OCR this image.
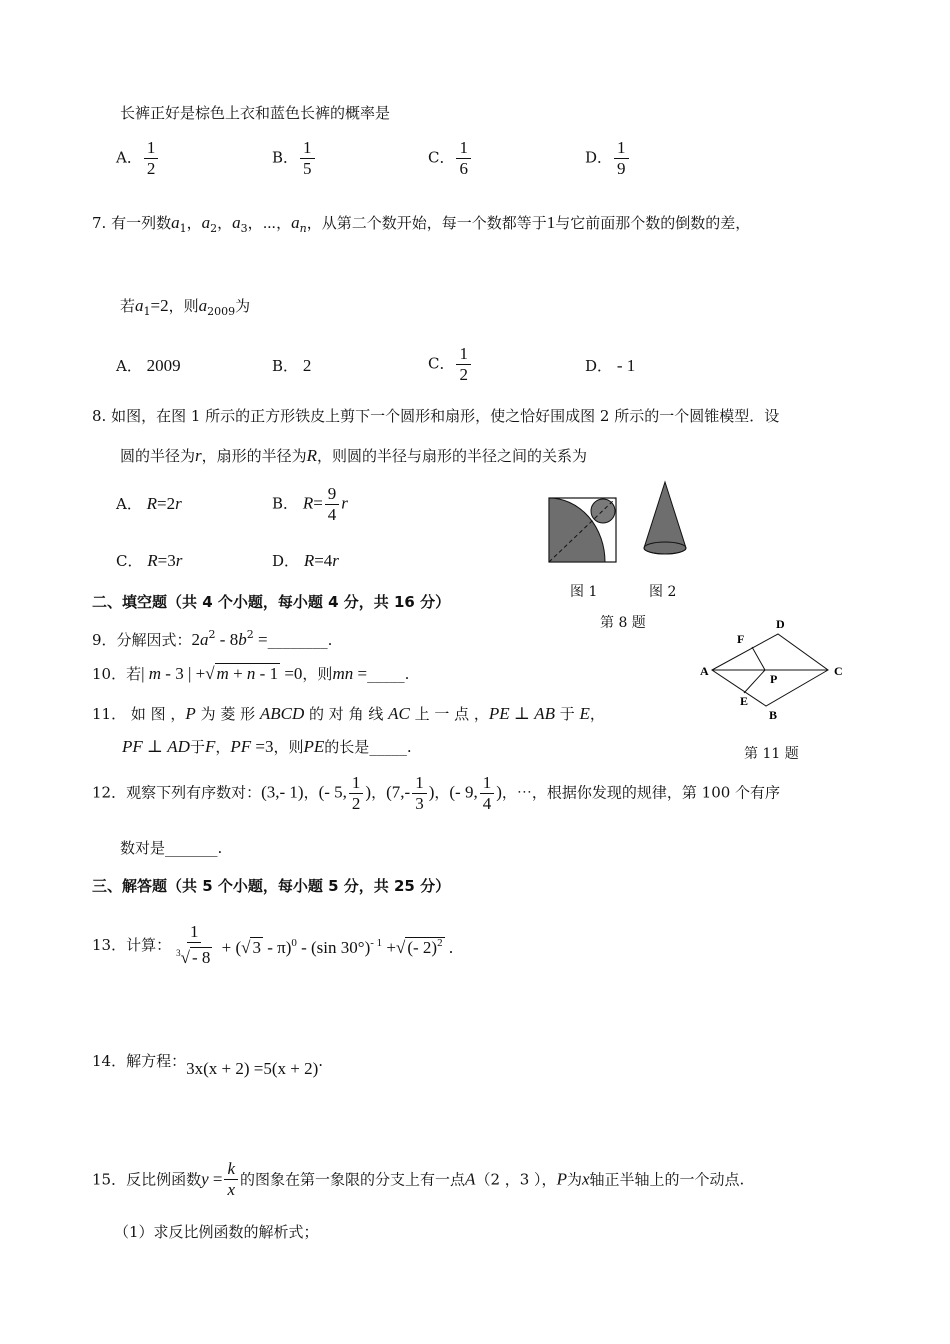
长裤正好是棕色上衣和蓝色长裤的概率是
A． $\frac{1}{2}$	B． $\frac{1}{5}$	C． $\frac{1}{6}$	D． $\frac{1}{9}$
7. 有一列数$a_1$，$a_2$，$a_3$，⋯，$a_n$，从第二个数开始，每一个数都等于1与它前面那个数的倒数的差，
若$a_1=2$，则$a_{2009}$为
A． 2009	B． 2	C． $\frac{1}{2}$	D． - 1
8. 如图，在图 1 所示的正方形铁皮上剪下一个圆形和扇形，使之恰好围成图 2 所示的一个圆锥模型．设
圆的半径为r，扇形的半径为R，则圆的半径与扇形的半径之间的关系为
A． R=2r	B． $R= \frac{9}{4}$ r
C． R=3r	D． R=4r
图 1	图 2
第 8 题
二、填空题（共 4 个小题，每小题 4 分，共 16 分）
9．分解因式：$2a^2 - 8b^2$ =________.
10．若| m - 3 | +√ m + n - 1 =0，则mn =_____.
11． 如 图 ，P 为 菱 形 ABCD 的 对 角 线 AC 上 一 点 ，PE ⊥ AB 于 E，
PF ⊥ AD于F，PF =3，则PE的长是_____.
A
D
C
B
F
E
P
第 11 题
12．观察下列有序数对：(3,- 1)，(- 5, $\frac{1}{2}$ )，($7,- \frac{1}{3}$ )，(- 9, $\frac{1}{4}$ )，⋯，根据你发现的规律，第 100 个有序
数对是_______.
三、解答题（共 5 个小题，每小题 5 分，共 25 分）
13．计算： $\frac{1}{^3√ - 8}$ + (√ 3 - π)$^0$ - (sin 30°)$^{- 1}$ +√ (- 2)$^2$ .
14．解方程：3x(x + 2) =5(x + 2).
15．反比例函数$y = \frac{k}{x}$ 的图象在第一象限的分支上有一点A（2 ，3 ），P为x轴正半轴上的一个动点.
（1）求反比例函数的解析式；
